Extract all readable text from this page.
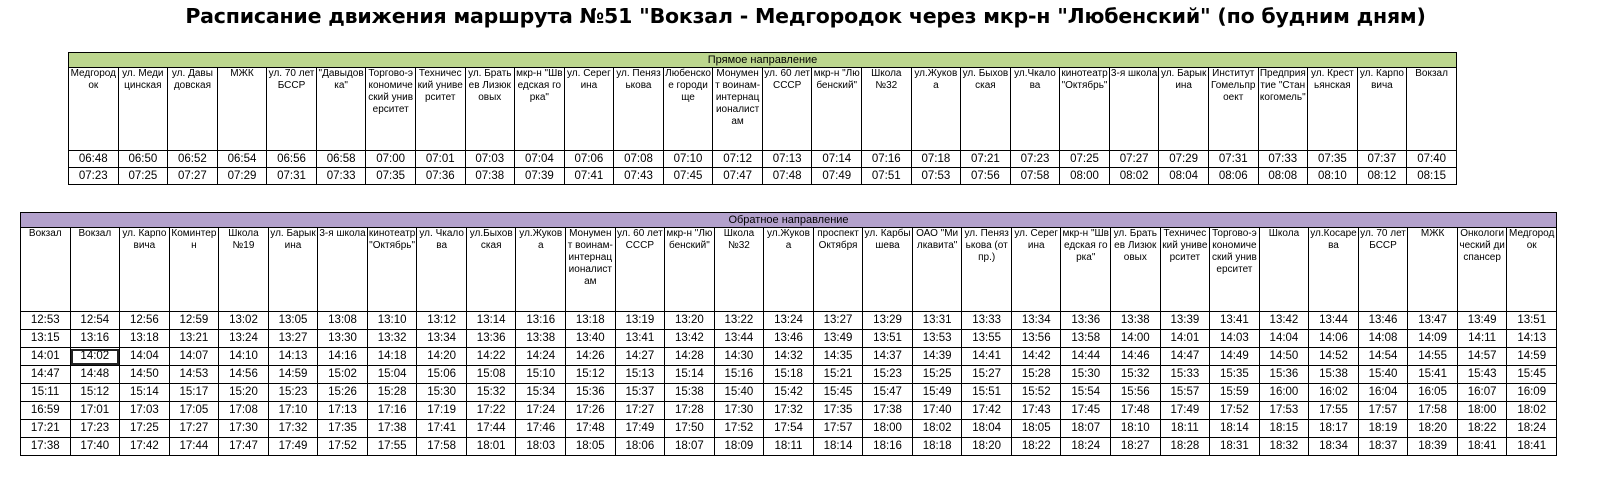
Расписание движения маршрута №51 "Вокзал - Медгородок через мкр-н "Любенский" (по будним дням)
Прямое направление																											
Медгородок	ул. Медицинская	ул. Давыдовская	МЖК	ул. 70 лет БССР	"Давыдовка"	Торгово-экономический университет	Технический университет	ул. Братьев Лизюковых	мкр-н "Шведская горка"	ул. Серегина	ул. Пенязькова	Любенское городище	Монумент воинам-интернационалистам	ул. 60 лет СССР	мкр-н "Любенский"	Школа №32	ул.Жукова	ул. Быховская	ул.Чкалова	кинотеатр "Октябрь"	3-я школа	ул. Барыкина	Институт Гомельпроект	Предприятие "Станкогомель"	ул. Крестьянская	ул. Карповича	Вокзал
06:48	06:50	06:52	06:54	06:56	06:58	07:00	07:01	07:03	07:04	07:06	07:08	07:10	07:12	07:13	07:14	07:16	07:18	07:21	07:23	07:25	07:27	07:29	07:31	07:33	07:35	07:37	07:40
07:23	07:25	07:27	07:29	07:31	07:33	07:35	07:36	07:38	07:39	07:41	07:43	07:45	07:47	07:48	07:49	07:51	07:53	07:56	07:58	08:00	08:02	08:04	08:06	08:08	08:10	08:12	08:15
Обратное направление																														
Вокзал	Вокзал	ул. Карповича	Коминтерн	Школа №19	ул. Барыкина	3-я школа	кинотеатр "Октябрь"	ул. Чкалова	ул.Быховская	ул.Жукова	Монумент воинам-интернационалистам	ул. 60 лет СССР	мкр-н "Любенский"	Школа №32	ул.Жукова	проспект Октября	ул. Карбышева	ОАО "Милкавита"	ул. Пенязькова (отпр.)	ул. Серегина	мкр-н "Шведская горка"	ул. Братьев Лизюковых	Технический университет	Торгово-экономический университет	Школа	ул.Косарева	ул. 70 лет БССР	МЖК	Онкологический диспансер	Медгородок
12:53	12:54	12:56	12:59	13:02	13:05	13:08	13:10	13:12	13:14	13:16	13:18	13:19	13:20	13:22	13:24	13:27	13:29	13:31	13:33	13:34	13:36	13:38	13:39	13:41	13:42	13:44	13:46	13:47	13:49	13:51
13:15	13:16	13:18	13:21	13:24	13:27	13:30	13:32	13:34	13:36	13:38	13:40	13:41	13:42	13:44	13:46	13:49	13:51	13:53	13:55	13:56	13:58	14:00	14:01	14:03	14:04	14:06	14:08	14:09	14:11	14:13
14:01	14:02	14:04	14:07	14:10	14:13	14:16	14:18	14:20	14:22	14:24	14:26	14:27	14:28	14:30	14:32	14:35	14:37	14:39	14:41	14:42	14:44	14:46	14:47	14:49	14:50	14:52	14:54	14:55	14:57	14:59
14:47	14:48	14:50	14:53	14:56	14:59	15:02	15:04	15:06	15:08	15:10	15:12	15:13	15:14	15:16	15:18	15:21	15:23	15:25	15:27	15:28	15:30	15:32	15:33	15:35	15:36	15:38	15:40	15:41	15:43	15:45
15:11	15:12	15:14	15:17	15:20	15:23	15:26	15:28	15:30	15:32	15:34	15:36	15:37	15:38	15:40	15:42	15:45	15:47	15:49	15:51	15:52	15:54	15:56	15:57	15:59	16:00	16:02	16:04	16:05	16:07	16:09
16:59	17:01	17:03	17:05	17:08	17:10	17:13	17:16	17:19	17:22	17:24	17:26	17:27	17:28	17:30	17:32	17:35	17:38	17:40	17:42	17:43	17:45	17:48	17:49	17:52	17:53	17:55	17:57	17:58	18:00	18:02
17:21	17:23	17:25	17:27	17:30	17:32	17:35	17:38	17:41	17:44	17:46	17:48	17:49	17:50	17:52	17:54	17:57	18:00	18:02	18:04	18:05	18:07	18:10	18:11	18:14	18:15	18:17	18:19	18:20	18:22	18:24
17:38	17:40	17:42	17:44	17:47	17:49	17:52	17:55	17:58	18:01	18:03	18:05	18:06	18:07	18:09	18:11	18:14	18:16	18:18	18:20	18:22	18:24	18:27	18:28	18:31	18:32	18:34	18:37	18:39	18:41	18:41
